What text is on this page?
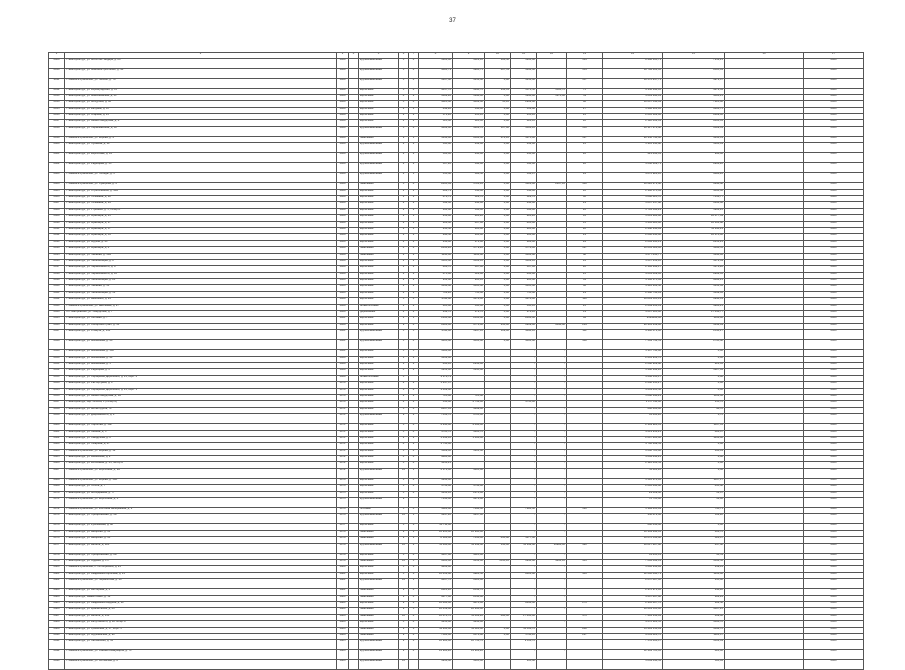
37
1	2	3	4	5	6	7	8	9	10	11	12	13	14	15	16	17
2809	Г. Екатеринбург, ул. Молотов Гайдара, д. 84	1969		крупнопанельные	5	4	3306,00	1423,10	108,50	1264,80		163	8 482 165,73	7353,21		2026
2810	Г. Екатеринбург, ул. Машиностроителей, д. 48	1969		крупнопанельные	5	4	4084,79	3900,75	407,51	3393,60		153	10 784 661,45	8505,83		2026
2811	Г. Каменск-Уральский, ул. Лесной, д. 78	1969		крупнопанельные	5	4	3367,40	3356,40	0,00	3356,40		157	10 576 237,71	4972,07		2026
2812	Г. Екатеринбург, ул. Кировградская, д. 11	1969		кирпичные	5	4	3057,70	3390,70	314,61	1576,50	1500,70	75	9 352 194,05	4372,44		2026
2813	Г. Екатеринбург, ул. Максимовская, д. 51	1969		кирпичные	4	2	1002,20	1398,00	0,00	1290,00	1370,00	53	3 003 390,01	4086,21		2026
2814	Г. Екатеринбург, ул. Мичурина, д. 42	1969		кирпичные	5	4	3025,60	3002,60	35,10	2962,80		96	10 037 548,49	7325,38		2026
2815	Г. Екатеринбург, ул. Кабуйна, д. 11	1969		кирпичные	2	2	442,20	530,00	0,00	513,80		27	1 492 301,95	6661,75		2026
2816	Г. Екатеринбург, ул. Огарева, д. 25	1969		кирпичные	2	2	571,20	615,10	0,00	615,10		25	2 005 182,06	8189,30		2026
2817	Г. Екатеринбург, ул. Якова Свердлова, д. 8	1969		кирпичные	2	2	525,60	620,30	0,00	626,10		20	2 128 462,43	8866,34		2026
2818	Г. Екатеринбург, ул. Первомайская, д. 58	1969		крупнопанельные	5	4	3063,00	3603,70	107,00	3506,10		150	10 317 276,48	6589,43		2026
2819	Г. Каменск-Уральский, ул. Кирова, д. 9	1969		панельные	9	1	5436,00	6504,60	674,10	5475,00		137	20 356 730,66	3654,33		2026
2820	Г. Екатеринбург, ул. Пушкина, д. 12	1969		крупнопанельные	2	2	595,90	632,00	0,00	632,00		25	1 935 140,98	3100,93		2026
2821	Г. Екатеринбург, ул. Кирпичная, д. 14	1969		крупнопанельные	2	2	500,30	630,00	0,00	630,00		26	421 836,61	968,82		2026
2822	Г. Екатеринбург, ул. Радищева, д. 15	1969		крупнопанельные	2	2	507,20	594,00	0,00	594,00		20	3 060 609,71	8966,20		2026
2823	Г. Каменск-Уральский, ул. Победы, д. 1	1969		крупнопанельные	2	1	555,60	588,50	0,00	593,07		24	4 876 926,10	6888,22		2026
2824	Г. Каменск-Уральский, ул. Суворова, д. 6	1969		панельные	5	4	2465,64	1724,10	0,00	3126,00	2667,10	180	10 622 273,68	6298,68		2026
2825	Г. Екатеринбург, ул. Стрелочников, д. 40А	1969		кирпичные	2	2	482,79	548,00	0,00	548,00		26	2 300 575,64	4064,46		2026
2826	Г. Екатеринбург, ул. Тельмана, д. 38	1969		кирпичные	2	2	476,74	522,70	0,00	522,70		30	1 890 025,78	7056,77		2026
2827	Г. Екатеринбург, ул. Тельмана, д. 39	1969		кирпичные	2	2	592,46	644,00	0,00	644,00		23	1 867 137,88	6164,40		2026
2828	Г. Екатеринбург, ул. Утренняя, д. 5, литер А	1969		кирпичные	2	2	364,80	568,00	0,00	568,00		22	1 791 568,23	5963,25		2026
2829	Г. Екатеринбург, ул. Фрайзера, д. 35	1969		кирпичные	2	1	216,00	220,20	0,00	220,20		12	1 031 384,96	10 077,69		2026
2830	Г. Екатеринбург, ул. Фрайзера, д. 37	1969		кирпичные	2	1	306,60	407,00	0,00	405,00		15	1 465 885,00	10 661,88		2026
2831	Г. Екатеринбург, ул. Фрайзера, д. 57	1969		кирпичные	2	2	250,50	305,00	0,00	305,00		20	2 448 348,99	11 294,23		2026
2832	Г. Екатеринбург, ул. Фрайзера, д. 59	1969		кирпичные	2	2	298,50	300,00	0,00	300,00		23	2 096 440,00	10 670,00		2026
2833	Г. Екатеринбург, ул. Фрунзе, д. 61	1969		кирпичные	2	2	358,00	371,00	0,00	386,00		24	2 004 195,13	8351,21		2026
2834	Г. Екатеринбург, ул. Фрайзера, д. 4	1969		панельные	4	4	2010,20	3779,20	0,00	3778,30		137	10 061 528,30	5068,55		2026
2835	Г. Екатеринбург, ул. Чапаева, д. 54Б	1969		панельные	2	2	1140,00	1164,80	0,00	1004,80		48	3 677 454,77	5634,02		2026
2836	Г. Екатеринбург, ул. Челюскинцев, д. 8	1969		кирпичные	2	2	1005,60	1002,10	0,00	1002,10		24	3 637 353,10	3672,69		2026
2837	Г. Екатеринбург, ул. Черняховского, д. 8	1969		кирпичные	2	2	406,70	507,30	0,00	507,30		20	2 132 193,17	5176,20		2026
2838	Г. Екатеринбург, ул. Черняховского, д. 10	1969		кирпичные	2	2	475,00	523,00	0,00	460,00		25	4 061 009,36	8962,45		2026
2839	Г. Екатеринбург, ул. Челюскинцев, д. 24	1966		кирпичные	2	2	953,80	965,10	0,00	965,40		43	3 102 175,44	6893,21		2026
2840	Г. Екатеринбург, ул. Чапаева, д. 56	1966		кирпичные	2	2	1036,40	1065,40	0,00	1065,40		42	3 412 363,50	3131,44		2026
2841	Г. Екатеринбург, ул. Челюскинцев, д. 13	1966		кирпичные	2	2	703,20	755,40	0,00	755,40		23	2 408 746,93	3199,32		2026
2842	Г. Екатеринбург, ул. Шевченко, д. 24	1969		кирпичные	5	4	4511,80	4178,00	0,00	4178,00		118	10 803 505,19	6944,33		2026
2843	Г. Каменск-Уральский, ул. Школьная, д. 27	1969		шлакоблочные	2	2	605,00	595,00	0,00	595,10		25	2 249 616,33	4908,21		2026
2844	Пгт. Шабровский, ул. Свердлова, д. 7	1969		деревянные	2	2	332,70	372,70	0,00	376,10		13	3 037 185,00	17 436,77		2026
2845	Г. Екатеринбург, ул. Лиловая, д. 7	1961		кирпичные	2	1	2160,40	2066,80	0,00	2066,80		84	2124496,00	1116,00		2026
2846	Г. Екатеринбург, ул. Сибирский тракт, д. 46	1969		кирпичные	9	4	8186,00	9776,00	210,00	6969,00	6098,80	219	20 941 339,96	3142,09		2026
2847	Г. Екатеринбург, ул. 8 Марта, д. 141	1961		крупнопанельные	5	5	4511,90	3997,10	109,00	3894,10		112	9 990 073,00	2544,27		2026
2848	Г. Екатеринбург, ул. Малышева, д. 46	1961		крупнопанельные	5	4	4405,40	4004,80	0,00	4004,80		188	7 589 732,53	2795,48		2026
2849	Г. Екатеринбург, ул. Малышева, д. 100	1961		кирпичные	5	5	1488,00			-	-		5 347 734,00	0,00		2026
2850	Г. Екатеринбург, ул. Малышева, д. 93	1960		кирпичные	3	2	1013,00			-	-		2 241 913,76	0,00		2026
2851	Г. Екатеринбург, ул. Малышева, д. 5	1969		кирпичные	3	2	810,10	2236,00		-	-		2 098 909,88	221,45		2026
2852	Г. Екатеринбург, ул. Радищева, д. 6	1969		кирпичные	4	2	1213,00	1345,80		-	-		1 480 392,22	1227,94		2026
2853	Г. Екатеринбург, ул. Серафимы Дерябиной, д. 21, корп. 2	1969		шлакоблочные	5		3 176,79			-	-		3 262 555,17	0,00		2026
2854	Г. Екатеринбург, ул. Расторгуева, д. 3	1970		кирпичные	2	2	1 247,47			-	-		2 240 135,27	0,00		2026
2855	Г. Екатеринбург, ул. Серафимы Дерябиной, д. 21, корп. 1	1970		кирпичные	5	4	3 069,80			-	-		3 263 815,52	0,00		2026
2856	Г. Екатеринбург, ул. Якова Свердлова, д. 1А	1970		кирпичные	2	2	725,00	725,40		-	-		1 808 198,21	1113,62		2026
2857	Г. Екатеринбург, пер. Апсиса, 1 (Литер А)	1970		кирпичные	2	2	550,00	4 733,00		4735,00			1 377 111,00	155,70		2026
2858	Г. Екатеринбург, ул. Металлургов, 72	1971		кирпичные	5	4	8467,91	4399,00		-	-		238 408,00	98,78		2026
2859	Г. Екатеринбург, ул. Дзержинского, д. 4	1971		крупнопанельные	9	2	7553,70	6705,00		-	-		41 464,20	6,76		2026
2860	Г. Екатеринбург, ул. Пирогова, д. 102	1971		кирпичные	5	4	4 240,00	4 068,00		-	-		2 309 928,61	1117,61		2026
2861	Г. Екатеринбург, ул. Ленина, д. 5	1971		кирпичные	5	4	4765,70	4300,70		-	-		4 213 956,21	886,47		2026
2862	Г. Екатеринбург, ул. Свердлова, д. 8	1971		кирпичные	2	2	1 443,10	1 408,00		-	-		2 097 200,00	1166,90		2026
2863	Г. Екатеринбург, ул. Гагарина, д. 47	1971		кирпичные	4	2	1 750,00			-	-		4 796 699,54	0,00		2026
2864	Г. Каменск-Уральский, ул. Кирова, д. 12	1971		кирпичные	5	4	5089,30	1201,60		-	-		6 638 785,00	668,93		2026
2865	Г. Екатеринбург, ул. Начинская, д. 2	1972		кирпичные	4	4	9800,00			-	-		3 044 444,21	0,00		2026
2866	Г. Екатеринбург, ул. Колхозная, д. 25, литер А	1972		кирпичные	5	4	3456,21			-	-		2 322 466,54	0,00		2026
2867	Г. Каменск-Уральский, ул. Кирпичная, д. 9А	1972		крупнопанельные	12	1	4 173,00	3605,00		-	-		11 481,26	6,42		2026
2868	Г. Каменск-Уральский, ул. Кирова, д. 10А	1974		кирпичные	5	4	3336,00			-	-		1 512 374,95	1117,17		2026
2869	Г. Екатеринбург, ул. Гоголя, д. 7	1974		кирпичные	5	4	4756,00	4746,00		-	-		2 095 494,80	835,68		2026
2870	Г. Екатеринбург, ул. Молодежная, д. 77	1975		кирпичные	5	4	4131,10	2170,00		-	-		29 009,60	13,47		2026
2871	Г. Каменск-Уральский, ул. Кирпичная, д. 4	1975		крупнопанельные	9		7446,00	9376,00		-	-		76 765,00	33,06		2026
2872	Г. Каменск-Уральский, ул. Исетская набережная, д. 2	1976		блочные	5	4	5024,00	7894,60		7384,60		130	1 394 815,09	745,71		2026
2873	Г. Екатеринбург, ул. Профсоюзная, д. 5Б	1976		крупнопанельные	12	1	4347,20	4337,00		-	-		356 872,62	112,28		2026
2874	Г. Екатеринбург, ул. Куйбышева, д. 98	1977		кирпичные	5	6	10 711,00			-	-		238 058,66	0,00		2026
2875	Г. Екатеринбург, ул. Шефская, д. 91	1978		панельные	9	3	16 915,00	16 995,00		-	-		10 343 394,41	606,76		2026
2876	Г. Екатеринбург, ул. Шефская, д. 96	1978		панельные	9	3	8 186,00	7018,00	845,80	5477,60			10 076 536,80	526,07		2026
2877	Г. Екатеринбург, ул. Бебеля, д. 120	1979		крупнопанельные	16	2	11 668,00	11 342,40	130,00	11 392,40	16988,30	320	10 817 287,08	637,68		2026
2878	Г. Екатеринбург, ул. Профсоюзная, д. 6Б	1979		кирпичные	5	4	3467,00	3025,00		-	-		31 855,31	10,53		2026
2879	Г. Екатеринбург, ул. Ордена, д. 177	1979		панельные	12	5	9600,00	9652,00	1545,10	6944,80	4291,10	101	7 094 092,33	1093,52		2026
2880	Г. Каменск-Уральский, п. Октябрьский, д. 21	1980		кирпичные	5	6	4813,00			-	-		1 632 336,94	339,14		2026
2881	Г. Екатеринбург, ул. Академика Королёва, д. 21	1981		кирпичные	5	6	10 413,80	9924,50		8806,80		306	12 206 094,73	1166,86		2026
2882	Г. Каменск-Уральский, ул. Лермонтова, д. 34	1981		крупнопанельные	12	1	9467,76	6124,00		-	-		2 057 087,30	335,90		2026
2883	Г. Екатеринбург, ул. Бехтерева, д. 2	1981		панельные	9	4	8421,20	8542,70		-	-		2 976 971,85	348,28		2026
2884	Г. Екатеринбург, Ивана Сивко, д. 12	1983		панельные	9	4	9477,00	8544,00		-	-		3 247 867,80	382,24		2026
2885	Г. Екатеринбург, ул. Академика Бардина, д. 22	1983		кирпичные	9	4	10 864,00	9870,00		8496,60		276	2 965 487,70	302,58		2026
2886	Г. Екатеринбург, ул. Краснолесья, д. 66	1983		панельные	9	5	10 459,00	10 260,00		-	-		10 203 565,30	1007,25		2026
2887	Г. Екатеринбург, ул. Бебеля, д. 156	1984		панельные	10	4	10 474,70	11 402,20	890,00	17 460,00		476	7 481 136,34	669,86		2026
2888	Г. Екатеринбург, ул. Кабутовского, д. 28 литер А	1984		кирпичные	5	4	4256,90	4236,00		-	-		4 270 324,55	1008,78		2026
2889	Г. Екатеринбург, ул. Уральская, д. 57, корп. 5	1984		панельные	9	6	11 264,00	11 024,90	0,00	10 116,70		288	11 493 158,09	1092,70		2026
2890	Г. Екатеринбург, ул. Фрунзенская, д. 90	1984		панельные	9	4	7584,00	6576,80	0,00	5790,10		237	9 043 426,70	1181,37		2026
2891	Г. Екатеринбург, ул. Латвийская, д. 54	1985		крупнопанельные	9	6	10 904,00	10 751,70		9 116,70			7 551 408,37	1002,09		2026
2892	Г. Каменск-Уральский, ул. Южная Коммунаров, д. 71	1986		крупнопанельные	9	4	14 904,20	14 903,20		-	-		12 309 705,45	824,96		2026
2893	Г. Каменск-Уральский, ул. Алтайская, д. 8	1986		крупнопанельные	12		4956,40	3605,00		365,40			1 849 048,54	580,94		2026
